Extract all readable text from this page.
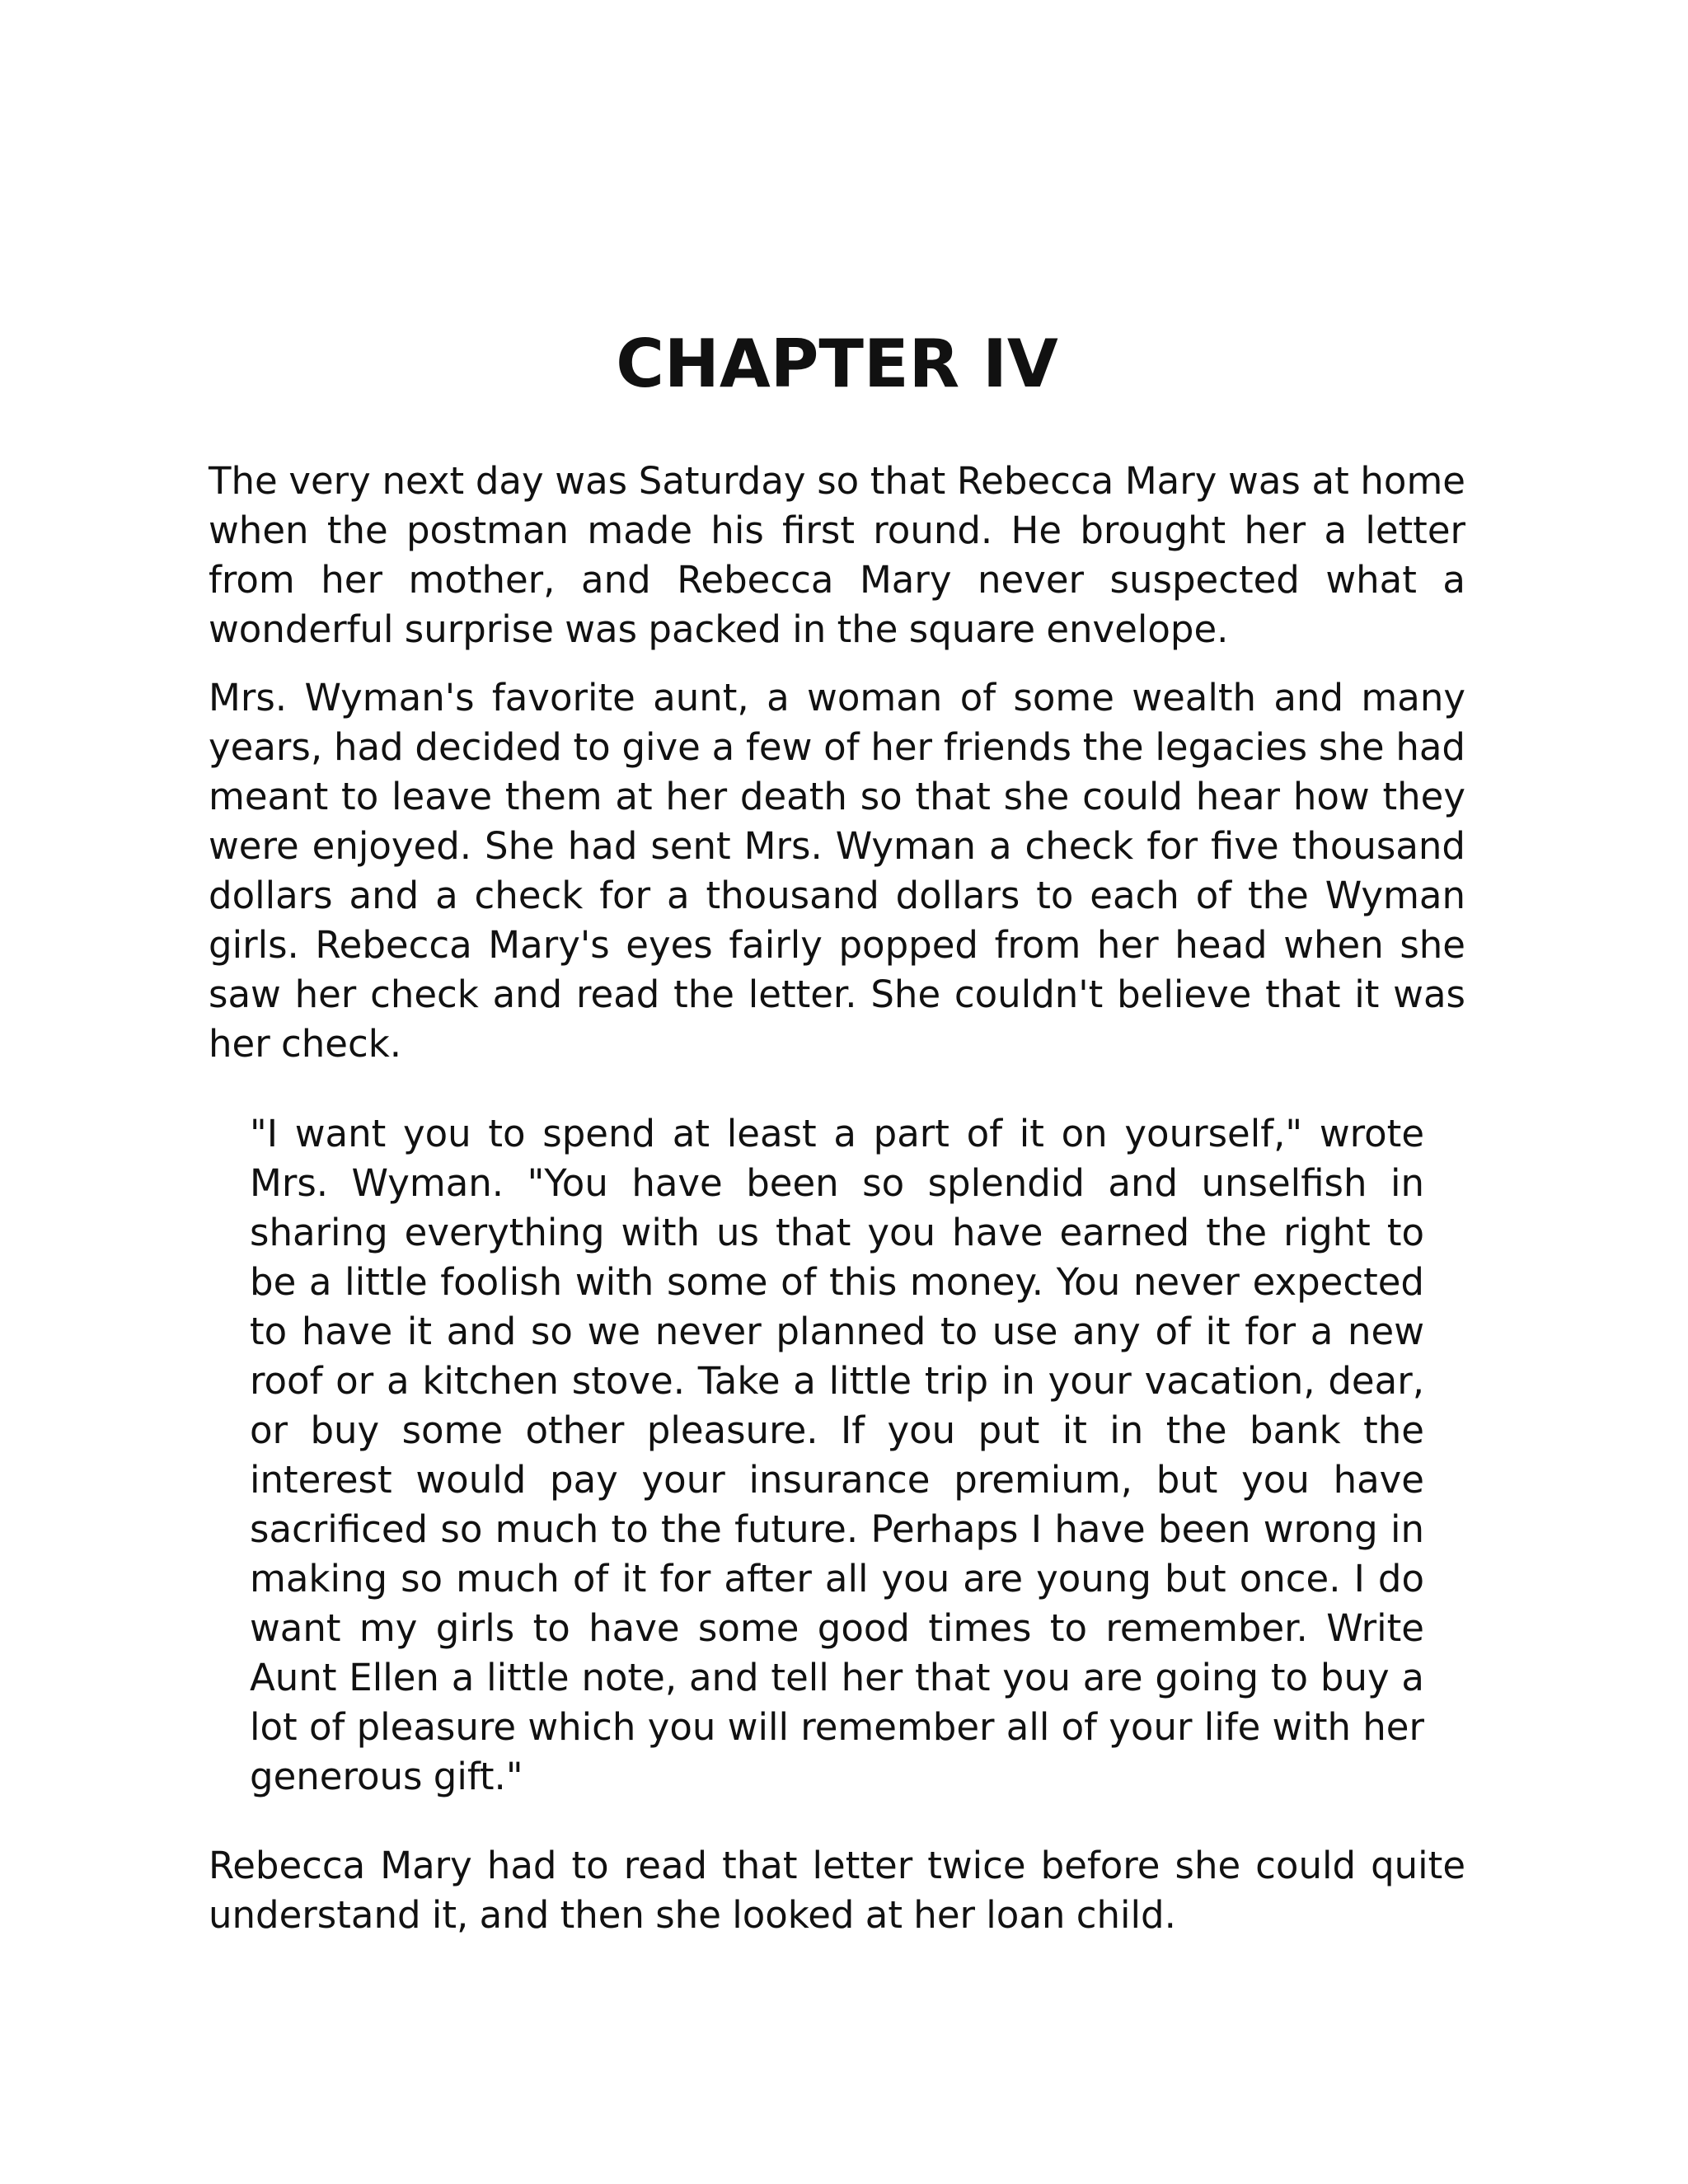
CHAPTER IV

The very next day was Saturday so that Rebecca Mary was at home when the postman made his first round. He brought her a letter from her mother, and Rebecca Mary never suspected what a wonderful surprise was packed in the square envelope.

Mrs. Wyman's favorite aunt, a woman of some wealth and many years, had decided to give a few of her friends the legacies she had meant to leave them at her death so that she could hear how they were enjoyed. She had sent Mrs. Wyman a check for five thousand dollars and a check for a thousand dollars to each of the Wyman girls. Rebecca Mary's eyes fairly popped from her head when she saw her check and read the letter. She couldn't believe that it was her check.

"I want you to spend at least a part of it on yourself," wrote Mrs. Wyman. "You have been so splendid and unselfish in sharing everything with us that you have earned the right to be a little foolish with some of this money. You never expected to have it and so we never planned to use any of it for a new roof or a kitchen stove. Take a little trip in your vacation, dear, or buy some other pleasure. If you put it in the bank the interest would pay your insurance premium, but you have sacrificed so much to the future. Perhaps I have been wrong in making so much of it for after all you are young but once. I do want my girls to have some good times to remember. Write Aunt Ellen a little note, and tell her that you are going to buy a lot of pleasure which you will remember all of your life with her generous gift."

Rebecca Mary had to read that letter twice before she could quite understand it, and then she looked at her loan child.
